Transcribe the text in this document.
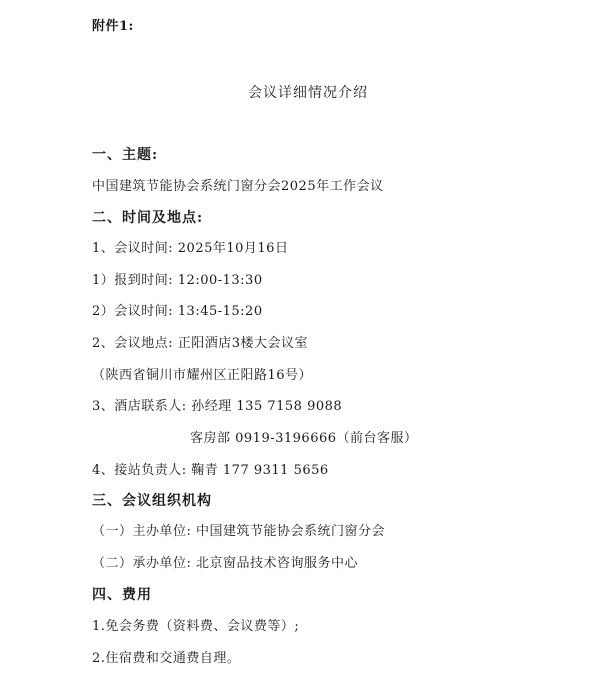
附件1:
会议详细情况介绍
一、主题:
中国建筑节能协会系统门窗分会2025年工作会议
二、时间及地点:
1、会议时间: 2025年10月16日
1）报到时间: 12:00-13:30
2）会议时间: 13:45-15:20
2、会议地点: 正阳酒店3楼大会议室
（陕西省铜川市耀州区正阳路16号）
3、酒店联系人: 孙经理 135 7158 9088
客房部 0919-3196666（前台客服）
4、接站负责人: 鞠青 177 9311 5656
三、会议组织机构
（一）主办单位: 中国建筑节能协会系统门窗分会
（二）承办单位: 北京窗品技术咨询服务中心
四、费用
1.免会务费（资料费、会议费等）;
2.住宿费和交通费自理。
